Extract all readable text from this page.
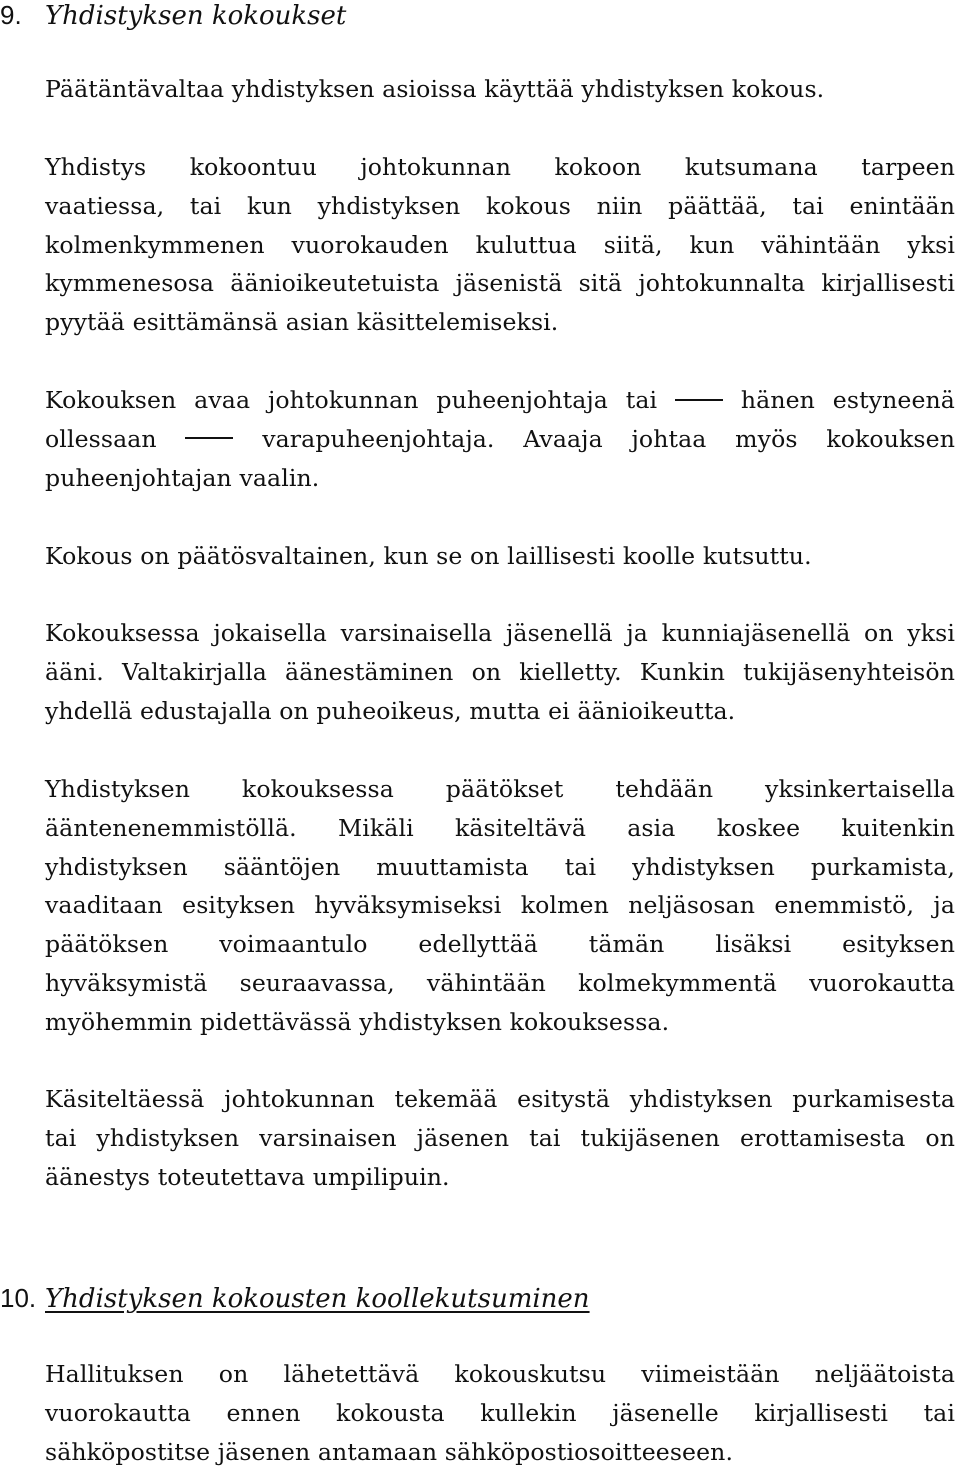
9. Yhdistyksen kokoukset

Päätäntävaltaa yhdistyksen asioissa käyttää yhdistyksen kokous.

Yhdistys kokoontuu johtokunnan kokoon kutsumana tarpeen
vaatiessa, tai kun yhdistyksen kokous niin päättää, tai enintään
kolmenkymmenen vuorokauden kuluttua siitä, kun vähintään yksi
kymmenesosa äänioikeutetuista jäsenistä sitä johtokunnalta kirjallisesti
pyytää esittämänsä asian käsittelemiseksi.

Kokouksen avaa johtokunnan puheenjohtaja tai	hänen estyneenä
ollessaan	varapuheenjohtaja. Avaaja johtaa myös kokouksen
puheenjohtajan vaalin.

Kokous on päätösvaltainen, kun se on laillisesti koolle kutsuttu.

Kokouksessa jokaisella varsinaisella jäsenellä ja kunniajäsenellä on yksi
ääni. Valtakirjalla äänestäminen on kielletty. Kunkin tukijäsenyhteisön
yhdellä edustajalla on puheoikeus, mutta ei äänioikeutta.

Yhdistyksen kokouksessa päätökset tehdään yksinkertaisella
ääntenenemmistöllä. Mikäli käsiteltävä asia koskee kuitenkin
yhdistyksen sääntöjen muuttamista tai yhdistyksen purkamista,
vaaditaan esityksen hyväksymiseksi kolmen neljäsosan enemmistö, ja
päätöksen voimaantulo edellyttää tämän lisäksi esityksen
hyväksymistä seuraavassa, vähintään kolmekymmentä vuorokautta
myöhemmin pidettävässä yhdistyksen kokouksessa.

Käsiteltäessä johtokunnan tekemää esitystä yhdistyksen purkamisesta
tai yhdistyksen varsinaisen jäsenen tai tukijäsenen erottamisesta on
äänestys toteutettava umpilipuin.

10. Yhdistyksen kokousten koollekutsuminen

Hallituksen on lähetettävä kokouskutsu viimeistään neljäätoista
vuorokautta ennen kokousta kullekin jäsenelle kirjallisesti tai
sähköpostitse jäsenen antamaan sähköpostiosoitteeseen.
